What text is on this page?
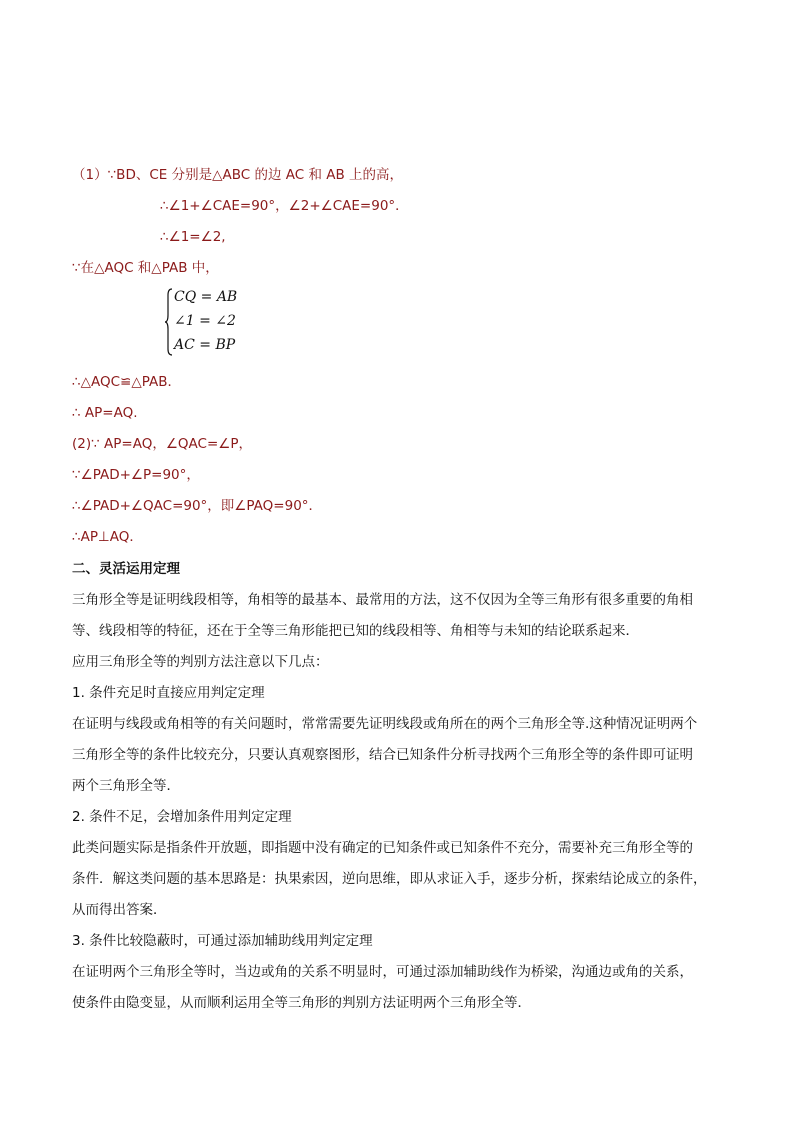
（1）∵BD、CE 分别是△ABC 的边 AC 和 AB 上的高，
∴∠1+∠CAE=90°，∠2+∠CAE=90°．
∴∠1=∠2,
∵在△AQC 和△PAB 中，
CQ = AB
∠1 = ∠2
AC = BP
∴△AQC≌△PAB．
∴ AP=AQ.
(2)∵ AP=AQ，∠QAC=∠P，
∵∠PAD+∠P=90°，
∴∠PAD+∠QAC=90°，即∠PAQ=90°．
∴AP⊥AQ．
二、灵活运用定理
三角形全等是证明线段相等，角相等的最基本、最常用的方法，这不仅因为全等三角形有很多重要的角相
等、线段相等的特征，还在于全等三角形能把已知的线段相等、角相等与未知的结论联系起来．
应用三角形全等的判别方法注意以下几点：
1. 条件充足时直接应用判定定理
在证明与线段或角相等的有关问题时，常常需要先证明线段或角所在的两个三角形全等.这种情况证明两个
三角形全等的条件比较充分，只要认真观察图形，结合已知条件分析寻找两个三角形全等的条件即可证明
两个三角形全等．
2. 条件不足，会增加条件用判定定理
此类问题实际是指条件开放题，即指题中没有确定的已知条件或已知条件不充分，需要补充三角形全等的
条件．解这类问题的基本思路是：执果索因，逆向思维，即从求证入手，逐步分析，探索结论成立的条件，
从而得出答案．
3. 条件比较隐蔽时，可通过添加辅助线用判定定理
在证明两个三角形全等时，当边或角的关系不明显时，可通过添加辅助线作为桥梁，沟通边或角的关系，
使条件由隐变显，从而顺利运用全等三角形的判别方法证明两个三角形全等．
